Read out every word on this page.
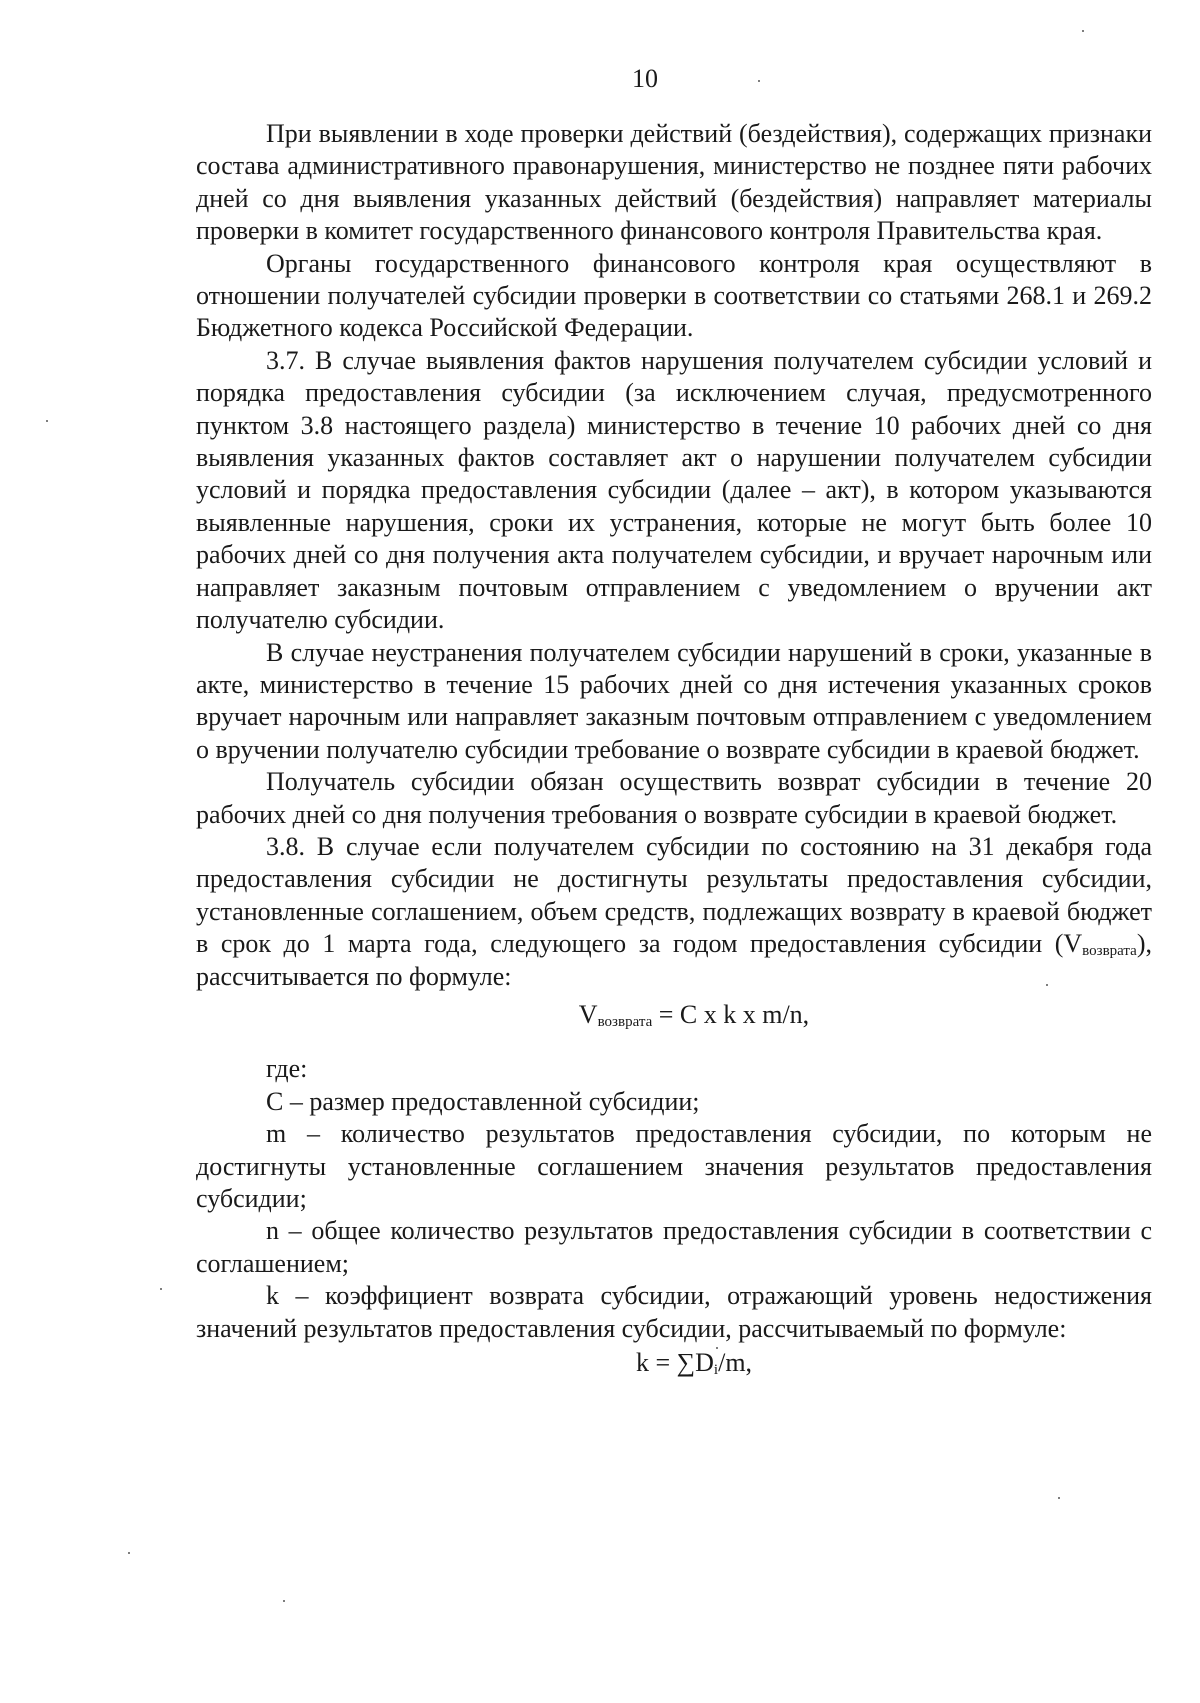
10

При выявлении в ходе проверки действий (бездействия), содержащих признаки состава административного правонарушения, министерство не позднее пяти рабочих дней со дня выявления указанных действий (бездействия) направляет материалы проверки в комитет государственного финансового контроля Правительства края.

Органы государственного финансового контроля края осуществляют в отношении получателей субсидии проверки в соответствии со статьями 268.1 и 269.2 Бюджетного кодекса Российской Федерации.

3.7. В случае выявления фактов нарушения получателем субсидии условий и порядка предоставления субсидии (за исключением случая, предусмотренного пунктом 3.8 настоящего раздела) министерство в течение 10 рабочих дней со дня выявления указанных фактов составляет акт о нарушении получателем субсидии условий и порядка предоставления субсидии (далее – акт), в котором указываются выявленные нарушения, сроки их устранения, которые не могут быть более 10 рабочих дней со дня получения акта получателем субсидии, и вручает нарочным или направляет заказным почтовым отправлением с уведомлением о вручении акт получателю субсидии.

В случае неустранения получателем субсидии нарушений в сроки, указанные в акте, министерство в течение 15 рабочих дней со дня истечения указанных сроков вручает нарочным или направляет заказным почтовым отправлением с уведомлением о вручении получателю субсидии требование о возврате субсидии в краевой бюджет.

Получатель субсидии обязан осуществить возврат субсидии в течение 20 рабочих дней со дня получения требования о возврате субсидии в краевой бюджет.

3.8. В случае если получателем субсидии по состоянию на 31 декабря года предоставления субсидии не достигнуты результаты предоставления субсидии, установленные соглашением, объем средств, подлежащих возврату в краевой бюджет в срок до 1 марта года, следующего за годом предоставления субсидии $(V_{возврата})$, рассчитывается по формуле:

$V_{возврата} = C$ x k x m/n,

где:

C – размер предоставленной субсидии;

m – количество результатов предоставления субсидии, по которым не достигнуты установленные соглашением значения результатов предоставления субсидии;

n – общее количество результатов предоставления субсидии в соответствии с соглашением;

k – коэффициент возврата субсидии, отражающий уровень недостижения значений результатов предоставления субсидии, рассчитываемый по формуле:

$k = \sum D_i/m$,
